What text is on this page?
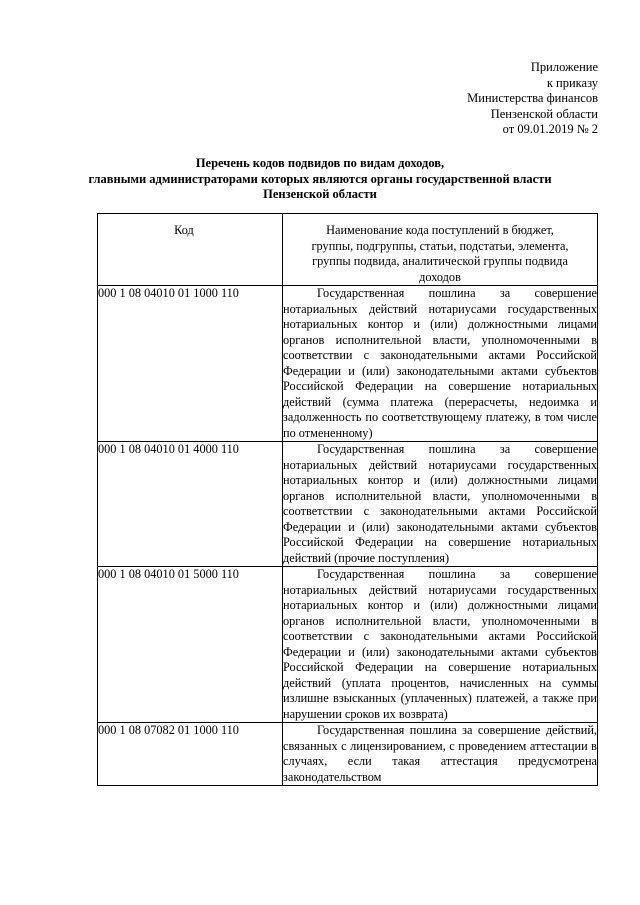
Приложение
к приказу
Министерства финансов
Пензенской области
от 09.01.2019 № 2
Перечень кодов подвидов по видам доходов,
главными администраторами которых являются органы государственной власти
Пензенской области
Код	Наименование кода поступлений в бюджет,
группы, подгруппы, статьи, подстатьи, элемента,
группы подвида, аналитической группы подвида
доходов

000 1 08 04010 01 1000 110	Государственная пошлина за совершение нотариальных действий нотариусами государственных нотариальных контор и (или) должностными лицами органов исполнительной власти, уполномоченными в соответствии с законодательными актами Российской Федерации и (или) законодательными актами субъектов Российской Федерации на совершение нотариальных действий (сумма платежа (перерасчеты, недоимка и задолженность по соответствующему платежу, в том числе по отмененному)
000 1 08 04010 01 4000 110	Государственная пошлина за совершение нотариальных действий нотариусами государственных нотариальных контор и (или) должностными лицами органов исполнительной власти, уполномоченными в соответствии с законодательными актами Российской Федерации и (или) законодательными актами субъектов Российской Федерации на совершение нотариальных действий (прочие поступления)
000 1 08 04010 01 5000 110	Государственная пошлина за совершение нотариальных действий нотариусами государственных нотариальных контор и (или) должностными лицами органов исполнительной власти, уполномоченными в соответствии с законодательными актами Российской Федерации и (или) законодательными актами субъектов Российской Федерации на совершение нотариальных действий (уплата процентов, начисленных на суммы излишне взысканных (уплаченных) платежей, а также при нарушении сроков их возврата)
000 1 08 07082 01 1000 110	Государственная пошлина за совершение действий, связанных с лицензированием, с проведением аттестации в случаях, если такая аттестация предусмотрена законодательством
